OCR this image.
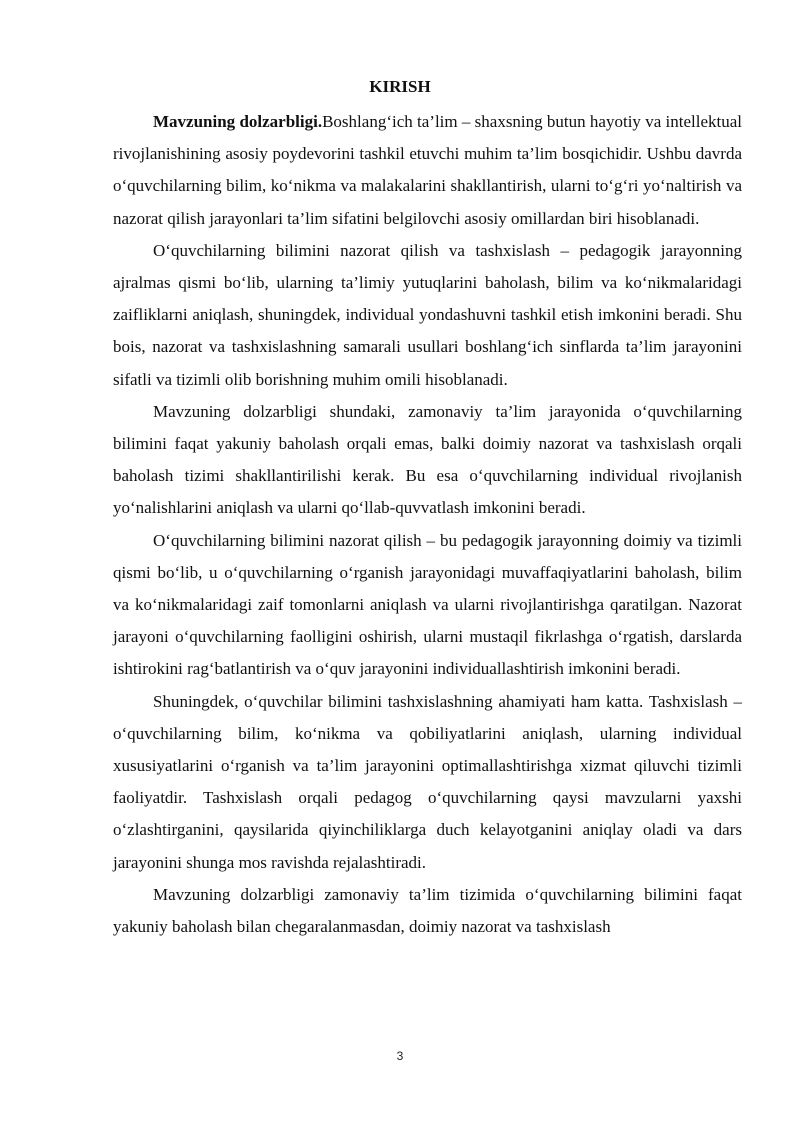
KIRISH

Mavzuning dolzarbligi.Boshlang‘ich ta’lim – shaxsning butun hayotiy va intellektual rivojlanishining asosiy poydevorini tashkil etuvchi muhim ta’lim bosqichidir. Ushbu davrda o‘quvchilarning bilim, ko‘nikma va malakalarini shakllantirish, ularni to‘g‘ri yo‘naltirish va nazorat qilish jarayonlari ta’lim sifatini belgilovchi asosiy omillardan biri hisoblanadi.

O‘quvchilarning bilimini nazorat qilish va tashxislash – pedagogik jarayonning ajralmas qismi bo‘lib, ularning ta’limiy yutuqlarini baholash, bilim va ko‘nikmalaridagi zaifliklarni aniqlash, shuningdek, individual yondashuvni tashkil etish imkonini beradi. Shu bois, nazorat va tashxislashning samarali usullari boshlang‘ich sinflarda ta’lim jarayonini sifatli va tizimli olib borishning muhim omili hisoblanadi.

Mavzuning dolzarbligi shundaki, zamonaviy ta’lim jarayonida o‘quvchilarning bilimini faqat yakuniy baholash orqali emas, balki doimiy nazorat va tashxislash orqali baholash tizimi shakllantirilishi kerak. Bu esa o‘quvchilarning individual rivojlanish yo‘nalishlarini aniqlash va ularni qo‘llab-quvvatlash imkonini beradi.

O‘quvchilarning bilimini nazorat qilish – bu pedagogik jarayonning doimiy va tizimli qismi bo‘lib, u o‘quvchilarning o‘rganish jarayonidagi muvaffaqiyatlarini baholash, bilim va ko‘nikmalaridagi zaif tomonlarni aniqlash va ularni rivojlantirishga qaratilgan. Nazorat jarayoni o‘quvchilarning faolligini oshirish, ularni mustaqil fikrlashga o‘rgatish, darslarda ishtirokini rag‘batlantirish va o‘quv jarayonini individuallashtirish imkonini beradi.

Shuningdek, o‘quvchilar bilimini tashxislashning ahamiyati ham katta. Tashxislash – o‘quvchilarning bilim, ko‘nikma va qobiliyatlarini aniqlash, ularning individual xususiyatlarini o‘rganish va ta’lim jarayonini optimallashtirishga xizmat qiluvchi tizimli faoliyatdir. Tashxislash orqali pedagog o‘quvchilarning qaysi mavzularni yaxshi o‘zlashtirganini, qaysilarida qiyinchiliklarga duch kelayotganini aniqlay oladi va dars jarayonini shunga mos ravishda rejalashtiradi.

Mavzuning dolzarbligi zamonaviy ta’lim tizimida o‘quvchilarning bilimini faqat yakuniy baholash bilan chegaralanmasdan, doimiy nazorat va tashxislash

3
